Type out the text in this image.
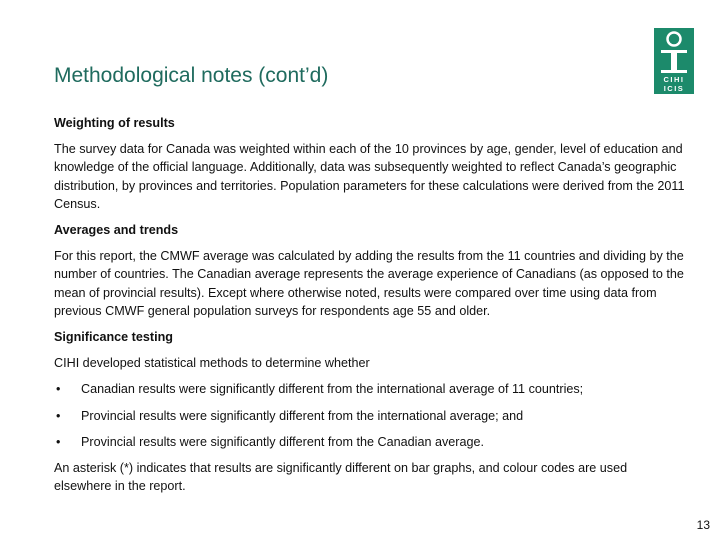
Methodological notes (cont’d)	CIHI
ICIS

Weighting of results

The survey data for Canada was weighted within each of the 10 provinces by age, gender, level of education and knowledge of the official language. Additionally, data was subsequently weighted to reflect Canada’s geographic distribution, by provinces and territories. Population parameters for these calculations were derived from the 2011 Census.

Averages and trends

For this report, the CMWF average was calculated by adding the results from the 11 countries and dividing by the number of countries. The Canadian average represents the average experience of Canadians (as opposed to the mean of provincial results). Except where otherwise noted, results were compared over time using data from previous CMWF general population surveys for respondents age 55 and older.

Significance testing

CIHI developed statistical methods to determine whether

• Canadian results were significantly different from the international average of 11 countries;
• Provincial results were significantly different from the international average; and
• Provincial results were significantly different from the Canadian average.

An asterisk (*) indicates that results are significantly different on bar graphs, and colour codes are used elsewhere in the report.

13
